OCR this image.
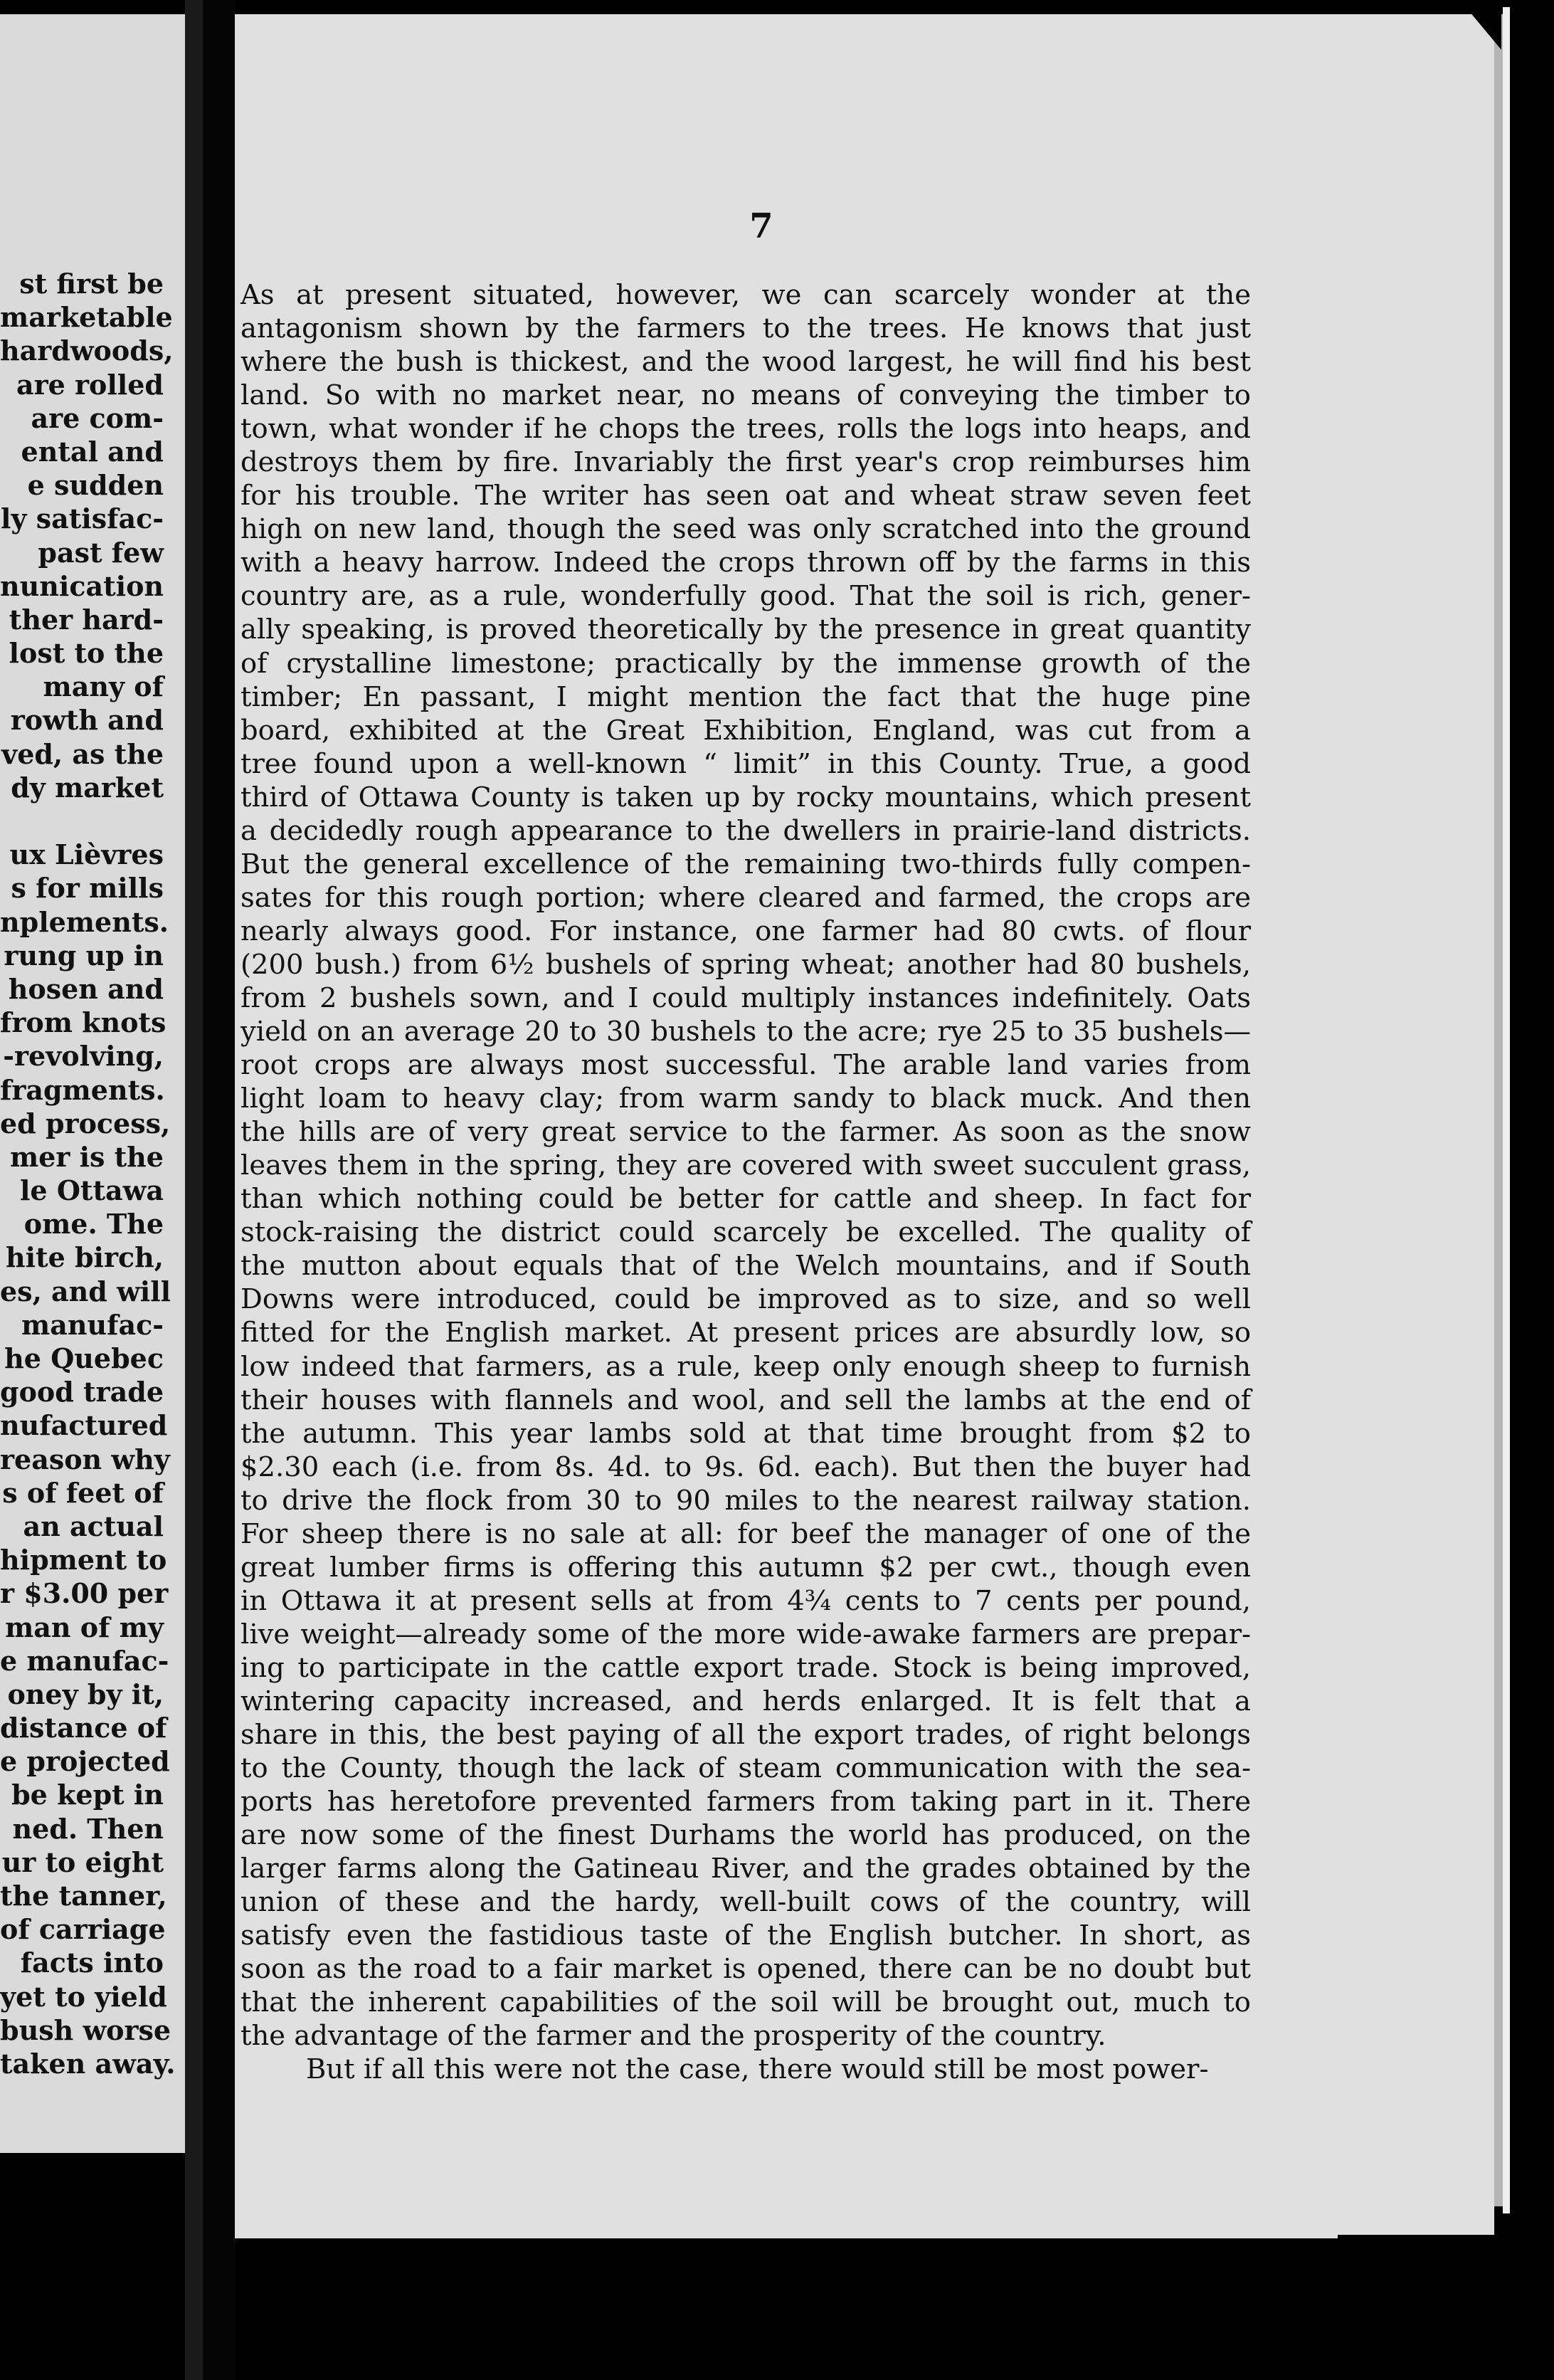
st first be
marketable
hardwoods,
are rolled
are com-
ental and
e sudden
ly satisfac-
past few
nunication
ther hard-
lost to the
many of
rowth and
ved, as the
dy market
ux Lièvres
s for mills
nplements.
rung up in
hosen and
from knots
-revolving,
fragments.
ed process,
mer is the
le Ottawa
ome. The
hite birch,
es, and will
manufac-
he Quebec
good trade
nufactured
reason why
s of feet of
an actual
hipment to
r $3.00 per
man of my
e manufac-
oney by it,
distance of
e projected
be kept in
ned. Then
ur to eight
the tanner,
of carriage
facts into
yet to yield
bush worse
taken away.
7
As at present situated, however, we can scarcely wonder at the
antagonism shown by the farmers to the trees. He knows that just
where the bush is thickest, and the wood largest, he will find his best
land. So with no market near, no means of conveying the timber to
town, what wonder if he chops the trees, rolls the logs into heaps, and
destroys them by fire. Invariably the first year's crop reimburses him
for his trouble. The writer has seen oat and wheat straw seven feet
high on new land, though the seed was only scratched into the ground
with a heavy harrow. Indeed the crops thrown off by the farms in this
country are, as a rule, wonderfully good. That the soil is rich, gener-
ally speaking, is proved theoretically by the presence in great quantity
of crystalline limestone; practically by the immense growth of the
timber; En passant, I might mention the fact that the huge pine
board, exhibited at the Great Exhibition, England, was cut from a
tree found upon a well-known “ limit” in this County. True, a good
third of Ottawa County is taken up by rocky mountains, which present
a decidedly rough appearance to the dwellers in prairie-land districts.
But the general excellence of the remaining two-thirds fully compen-
sates for this rough portion; where cleared and farmed, the crops are
nearly always good. For instance, one farmer had 80 cwts. of flour
(200 bush.) from 6½ bushels of spring wheat; another had 80 bushels,
from 2 bushels sown, and I could multiply instances indefinitely. Oats
yield on an average 20 to 30 bushels to the acre; rye 25 to 35 bushels—
root crops are always most successful. The arable land varies from
light loam to heavy clay; from warm sandy to black muck. And then
the hills are of very great service to the farmer. As soon as the snow
leaves them in the spring, they are covered with sweet succulent grass,
than which nothing could be better for cattle and sheep. In fact for
stock-raising the district could scarcely be excelled. The quality of
the mutton about equals that of the Welch mountains, and if South
Downs were introduced, could be improved as to size, and so well
fitted for the English market. At present prices are absurdly low, so
low indeed that farmers, as a rule, keep only enough sheep to furnish
their houses with flannels and wool, and sell the lambs at the end of
the autumn. This year lambs sold at that time brought from $2 to
$2.30 each (i.e. from 8s. 4d. to 9s. 6d. each). But then the buyer had
to drive the flock from 30 to 90 miles to the nearest railway station.
For sheep there is no sale at all: for beef the manager of one of the
great lumber firms is offering this autumn $2 per cwt., though even
in Ottawa it at present sells at from 4¾ cents to 7 cents per pound,
live weight—already some of the more wide-awake farmers are prepar-
ing to participate in the cattle export trade. Stock is being improved,
wintering capacity increased, and herds enlarged. It is felt that a
share in this, the best paying of all the export trades, of right belongs
to the County, though the lack of steam communication with the sea-
ports has heretofore prevented farmers from taking part in it. There
are now some of the finest Durhams the world has produced, on the
larger farms along the Gatineau River, and the grades obtained by the
union of these and the hardy, well-built cows of the country, will
satisfy even the fastidious taste of the English butcher. In short, as
soon as the road to a fair market is opened, there can be no doubt but
that the inherent capabilities of the soil will be brought out, much to
the advantage of the farmer and the prosperity of the country.
But if all this were not the case, there would still be most power-
